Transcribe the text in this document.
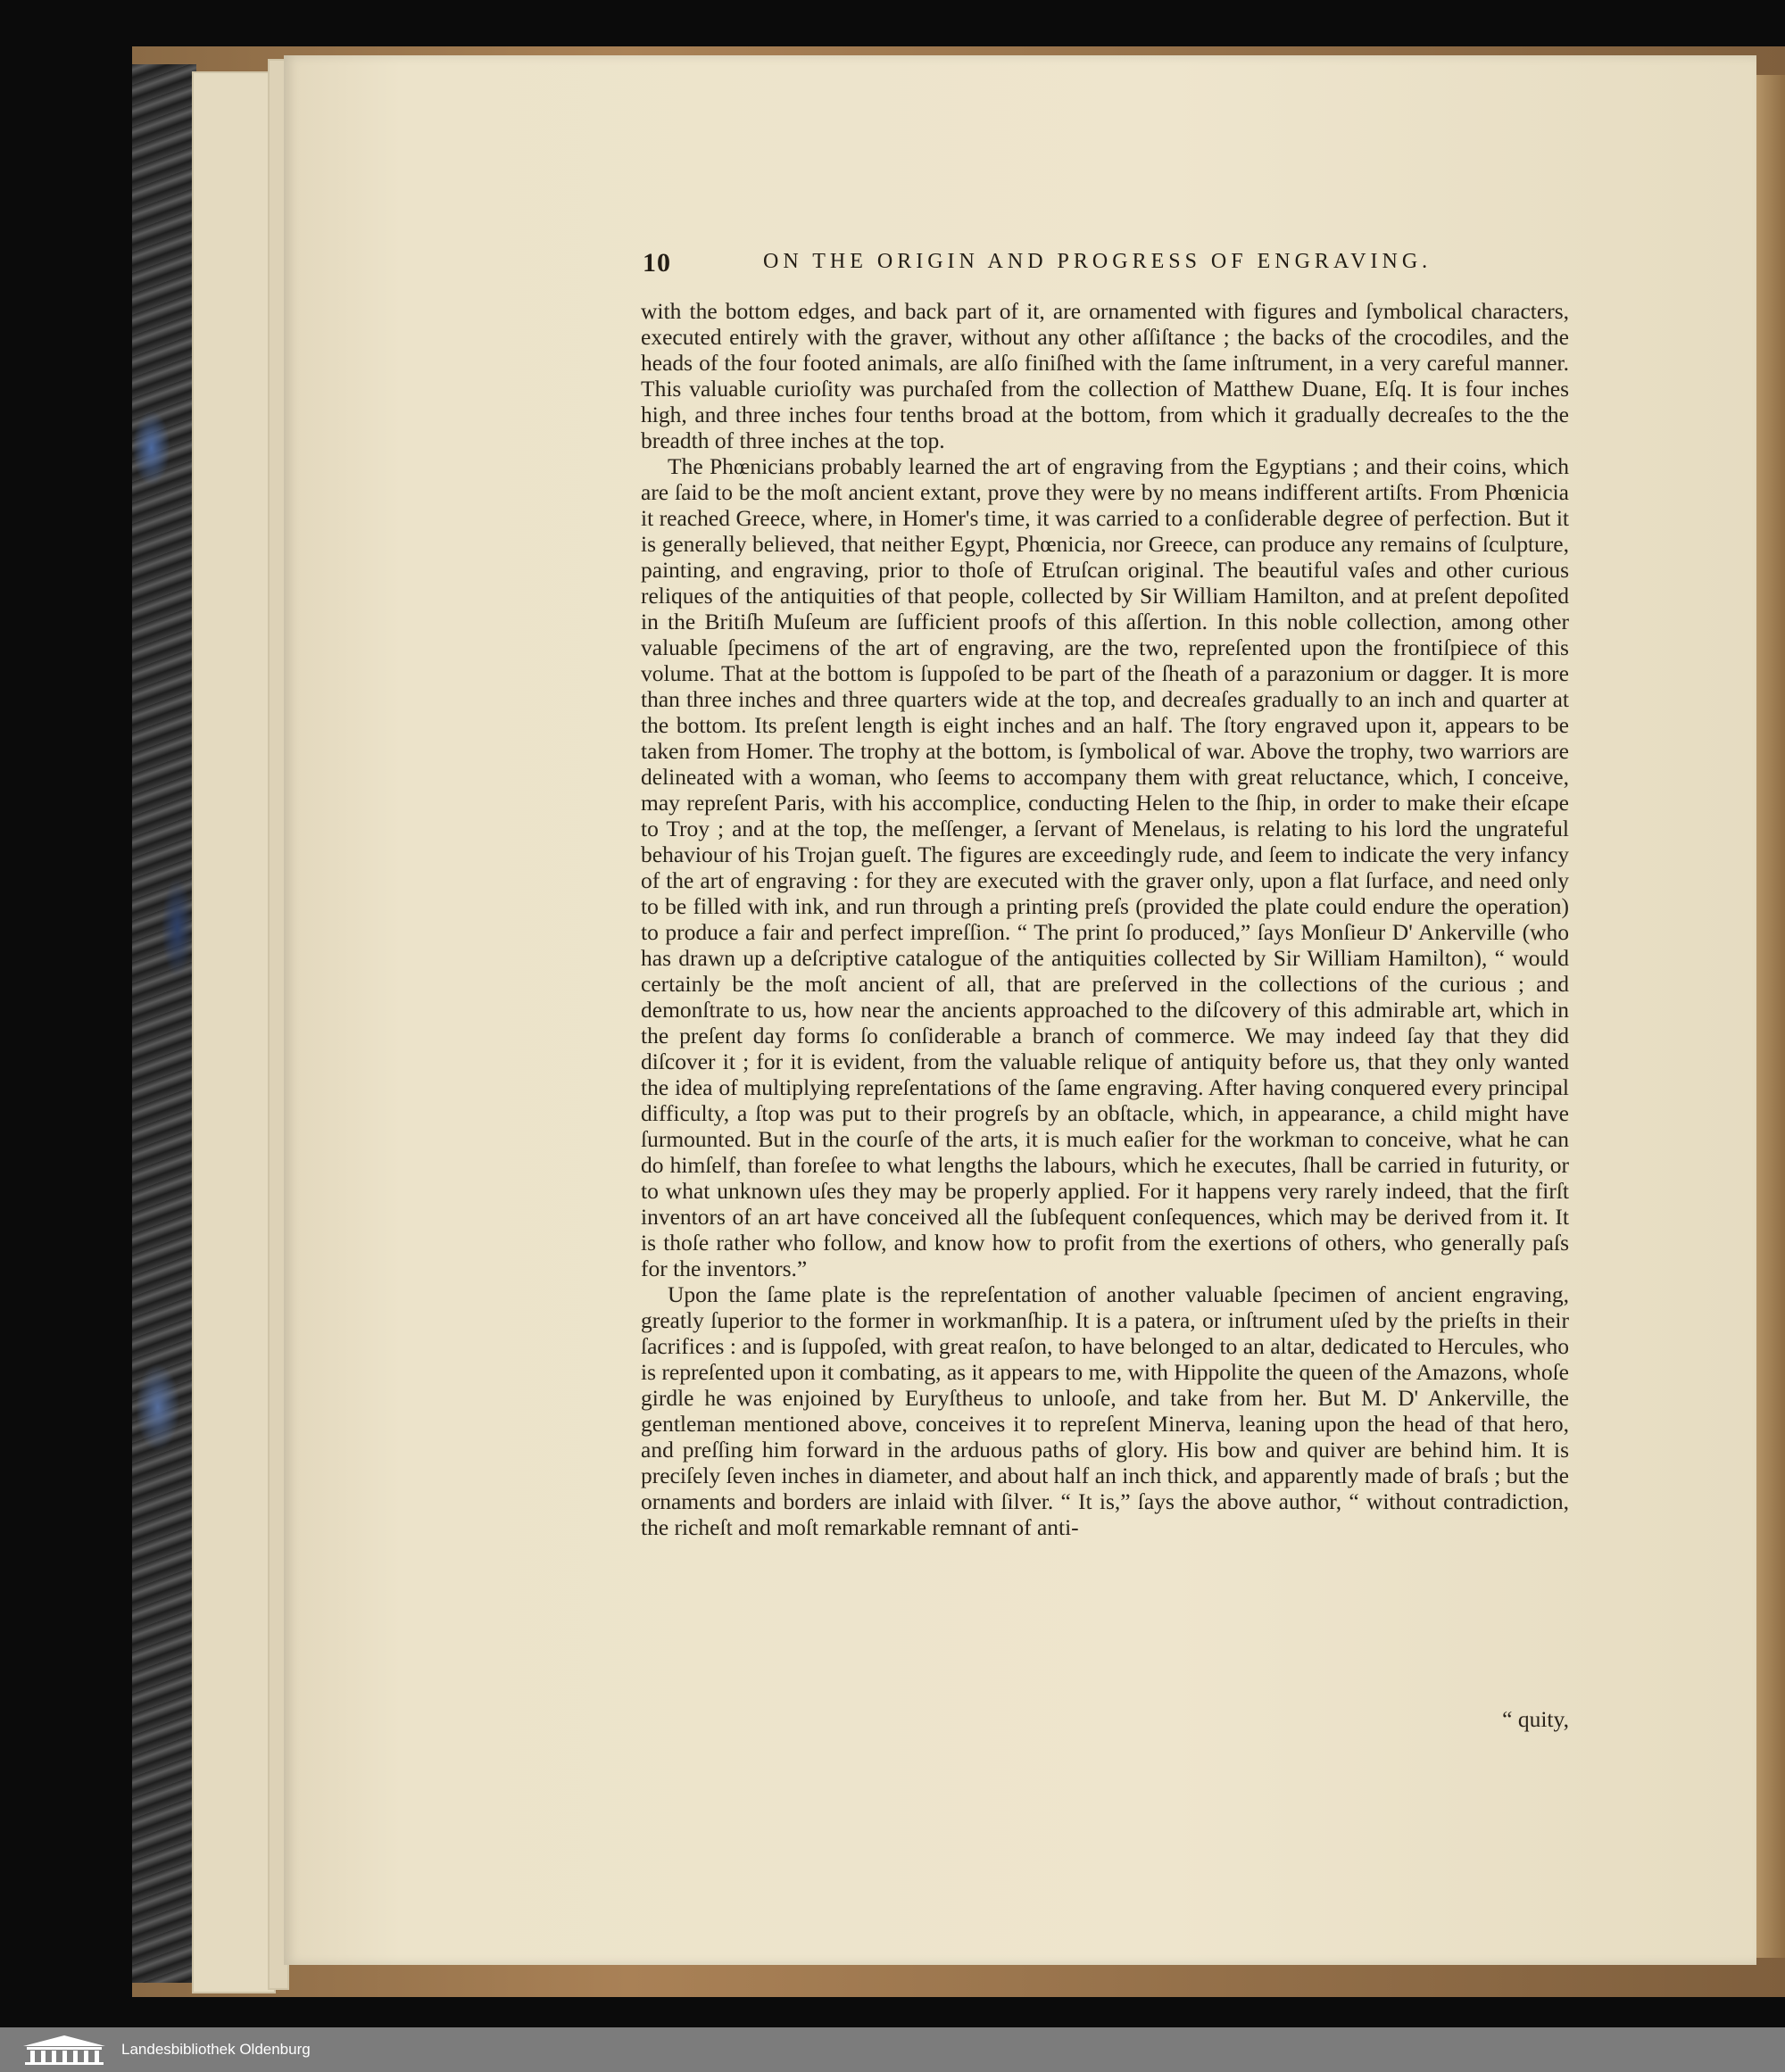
10	ON THE ORIGIN AND PROGRESS OF ENGRAVING.

with the bottom edges, and back part of it, are ornamented with figures and ſymbolical characters, executed entirely with the graver, without any other aſſiſtance ; the backs of the crocodiles, and the heads of the four footed animals, are alſo finiſhed with the ſame inſtrument, in a very careful manner. This valuable curioſity was purchaſed from the collection of Matthew Duane, Eſq. It is four inches high, and three inches four tenths broad at the bottom, from which it gradually decreaſes to the the breadth of three inches at the top.

The Phœnicians probably learned the art of engraving from the Egyptians ; and their coins, which are ſaid to be the moſt ancient extant, prove they were by no means indifferent artiſts. From Phœnicia it reached Greece, where, in Homer's time, it was carried to a conſiderable degree of perfection. But it is generally believed, that neither Egypt, Phœnicia, nor Greece, can produce any remains of ſculpture, painting, and engraving, prior to thoſe of Etruſcan original. The beautiful vaſes and other curious reliques of the antiquities of that people, collected by Sir William Hamilton, and at preſent depoſited in the Britiſh Muſeum are ſufficient proofs of this aſſertion. In this noble collection, among other valuable ſpecimens of the art of engraving, are the two, repreſented upon the frontiſpiece of this volume. That at the bottom is ſuppoſed to be part of the ſheath of a parazonium or dagger. It is more than three inches and three quarters wide at the top, and decreaſes gradually to an inch and quarter at the bottom. Its preſent length is eight inches and an half. The ſtory engraved upon it, appears to be taken from Homer. The trophy at the bottom, is ſymbolical of war. Above the trophy, two warriors are delineated with a woman, who ſeems to accompany them with great reluctance, which, I conceive, may repreſent Paris, with his accomplice, conducting Helen to the ſhip, in order to make their eſcape to Troy ; and at the top, the meſſenger, a ſervant of Menelaus, is relating to his lord the ungrateful behaviour of his Trojan gueſt. The figures are exceedingly rude, and ſeem to indicate the very infancy of the art of engraving : for they are executed with the graver only, upon a flat ſurface, and need only to be filled with ink, and run through a printing preſs (provided the plate could endure the operation) to produce a fair and perfect impreſſion. “ The print ſo produced,” ſays Monſieur D' Ankerville (who has drawn up a deſcriptive catalogue of the antiquities collected by Sir William Hamilton), “ would certainly be the moſt ancient of all, that are preſerved in the collections of the curious ; and demonſtrate to us, how near the ancients approached to the diſcovery of this admirable art, which in the preſent day forms ſo conſiderable a branch of commerce. We may indeed ſay that they did diſcover it ; for it is evident, from the valuable relique of antiquity before us, that they only wanted the idea of multiplying repreſentations of the ſame engraving. After having conquered every principal difficulty, a ſtop was put to their progreſs by an obſtacle, which, in appearance, a child might have ſurmounted. But in the courſe of the arts, it is much eaſier for the workman to conceive, what he can do himſelf, than foreſee to what lengths the labours, which he executes, ſhall be carried in futurity, or to what unknown uſes they may be properly applied. For it happens very rarely indeed, that the firſt inventors of an art have conceived all the ſubſequent conſequences, which may be derived from it. It is thoſe rather who follow, and know how to profit from the exertions of others, who generally paſs for the inventors.”

Upon the ſame plate is the repreſentation of another valuable ſpecimen of ancient engraving, greatly ſuperior to the former in workmanſhip. It is a patera, or inſtrument uſed by the prieſts in their ſacrifices : and is ſuppoſed, with great reaſon, to have belonged to an altar, dedicated to Hercules, who is repreſented upon it combating, as it appears to me, with Hippolite the queen of the Amazons, whoſe girdle he was enjoined by Euryſtheus to unlooſe, and take from her. But M. D' Ankerville, the gentleman mentioned above, conceives it to repreſent Minerva, leaning upon the head of that hero, and preſſing him forward in the arduous paths of glory. His bow and quiver are behind him. It is preciſely ſeven inches in diameter, and about half an inch thick, and apparently made of braſs ; but the ornaments and borders are inlaid with ſilver. “ It is,” ſays the above author, “ without contradiction, the richeſt and moſt remarkable remnant of anti-

“ quity,
Landesbibliothek Oldenburg
